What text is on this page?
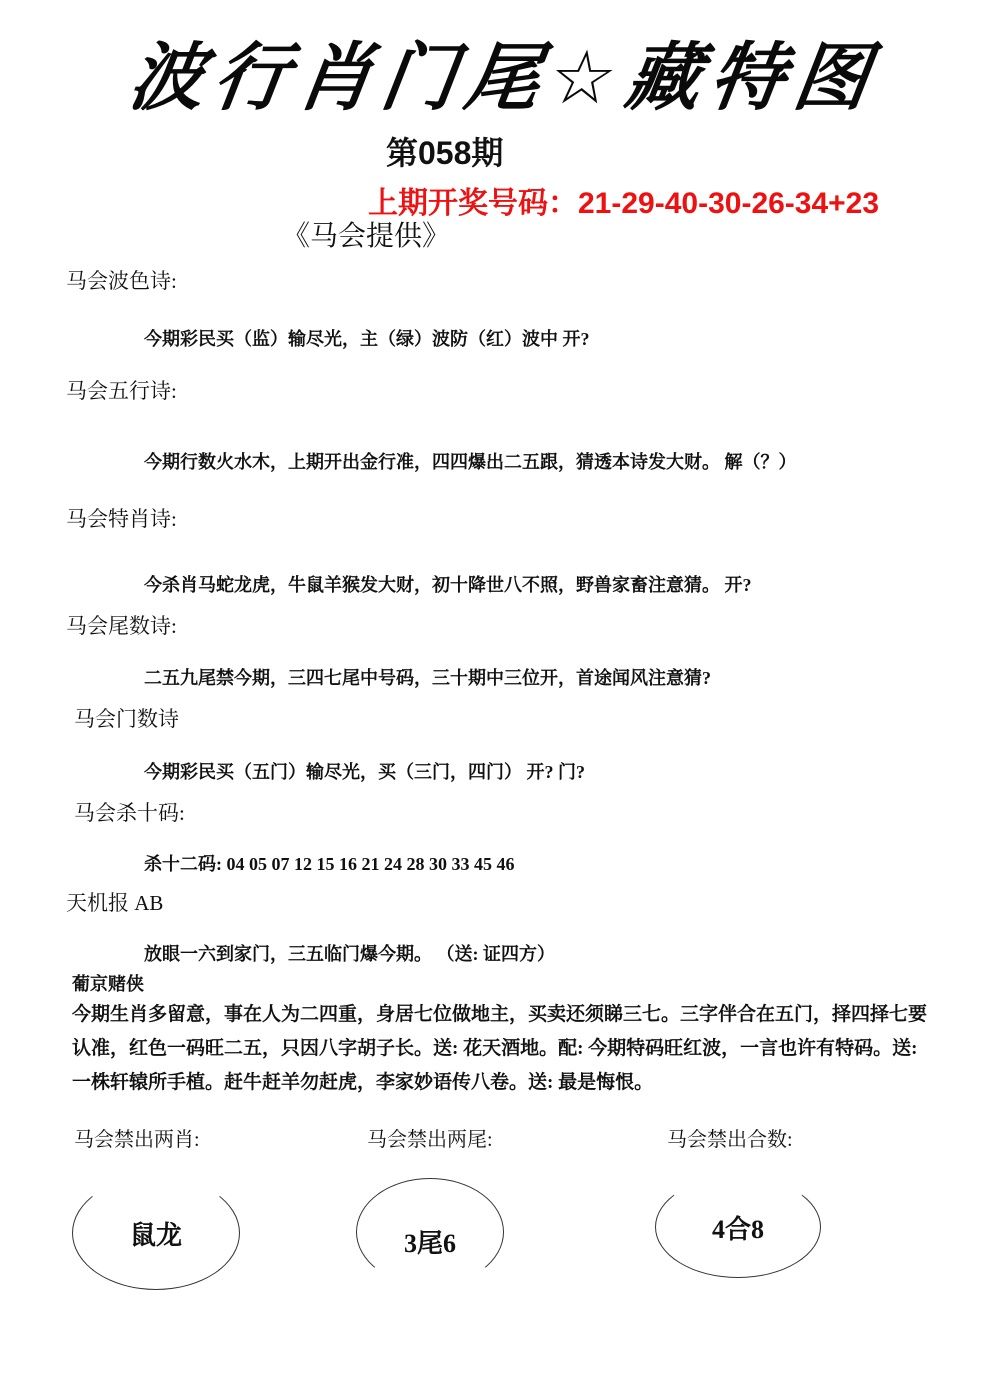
波行肖门尾☆藏特图
第058期
上期开奖号码：21-29-40-30-26-34+23
《马会提供》
马会波色诗:
今期彩民买（监）输尽光，主（绿）波防（红）波中 开?
马会五行诗:
今期行数火水木，上期开出金行准，四四爆出二五跟，猜透本诗发大财。 解（？）
马会特肖诗:
今杀肖马蛇龙虎，牛鼠羊猴发大财，初十降世八不照，野兽家畜注意猜。 开?
马会尾数诗:
二五九尾禁今期，三四七尾中号码，三十期中三位开，首途闻风注意猜?
马会门数诗
今期彩民买（五门）输尽光，买（三门，四门） 开? 门?
马会杀十码:
杀十二码: 04 05 07 12 15 16 21 24 28 30 33 45 46
天机报 AB
放眼一六到家门，三五临门爆今期。 （送: 证四方）
葡京赌侠
今期生肖多留意，事在人为二四重，身居七位做地主，买卖还须睇三七。三字伴合在五门，择四择七要认准，红色一码旺二五，只因八字胡子长。送: 花天酒地。配: 今期特码旺红波，一言也许有特码。送: 一株轩辕所手植。赶牛赶羊勿赶虎，李家妙语传八卷。送: 最是悔恨。
马会禁出两肖:	马会禁出两尾:	马会禁出合数:
鼠龙	3尾6	4合8
